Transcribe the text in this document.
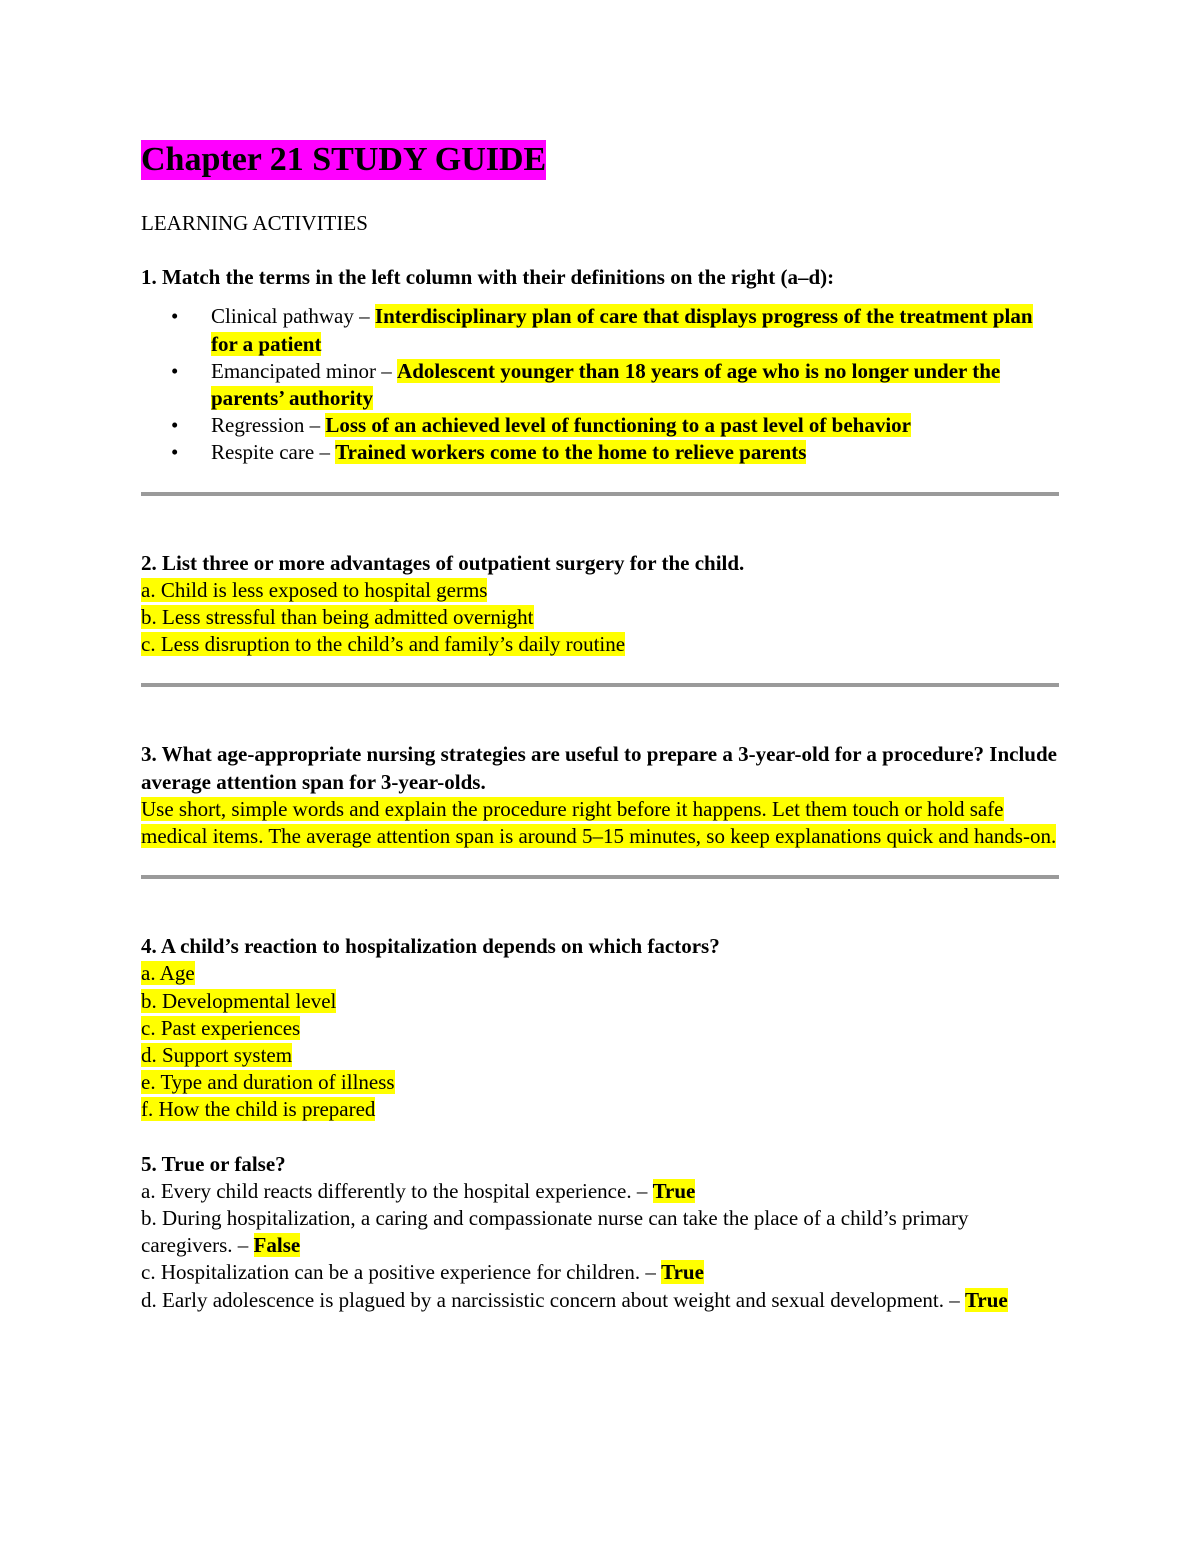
Chapter 21 STUDY GUIDE
LEARNING ACTIVITIES
1. Match the terms in the left column with their definitions on the right (a–d):
• Clinical pathway – Interdisciplinary plan of care that displays progress of the treatment plan for a patient
• Emancipated minor – Adolescent younger than 18 years of age who is no longer under the parents’ authority
• Regression – Loss of an achieved level of functioning to a past level of behavior
• Respite care – Trained workers come to the home to relieve parents
2. List three or more advantages of outpatient surgery for the child.
a. Child is less exposed to hospital germs
b. Less stressful than being admitted overnight
c. Less disruption to the child’s and family’s daily routine
3. What age-appropriate nursing strategies are useful to prepare a 3-year-old for a procedure? Include average attention span for 3-year-olds.
Use short, simple words and explain the procedure right before it happens. Let them touch or hold safe medical items. The average attention span is around 5–15 minutes, so keep explanations quick and hands-on.
4. A child’s reaction to hospitalization depends on which factors?
a. Age
b. Developmental level
c. Past experiences
d. Support system
e. Type and duration of illness
f. How the child is prepared
5. True or false?
a. Every child reacts differently to the hospital experience. – True
b. During hospitalization, a caring and compassionate nurse can take the place of a child’s primary caregivers. – False
c. Hospitalization can be a positive experience for children. – True
d. Early adolescence is plagued by a narcissistic concern about weight and sexual development. – True
